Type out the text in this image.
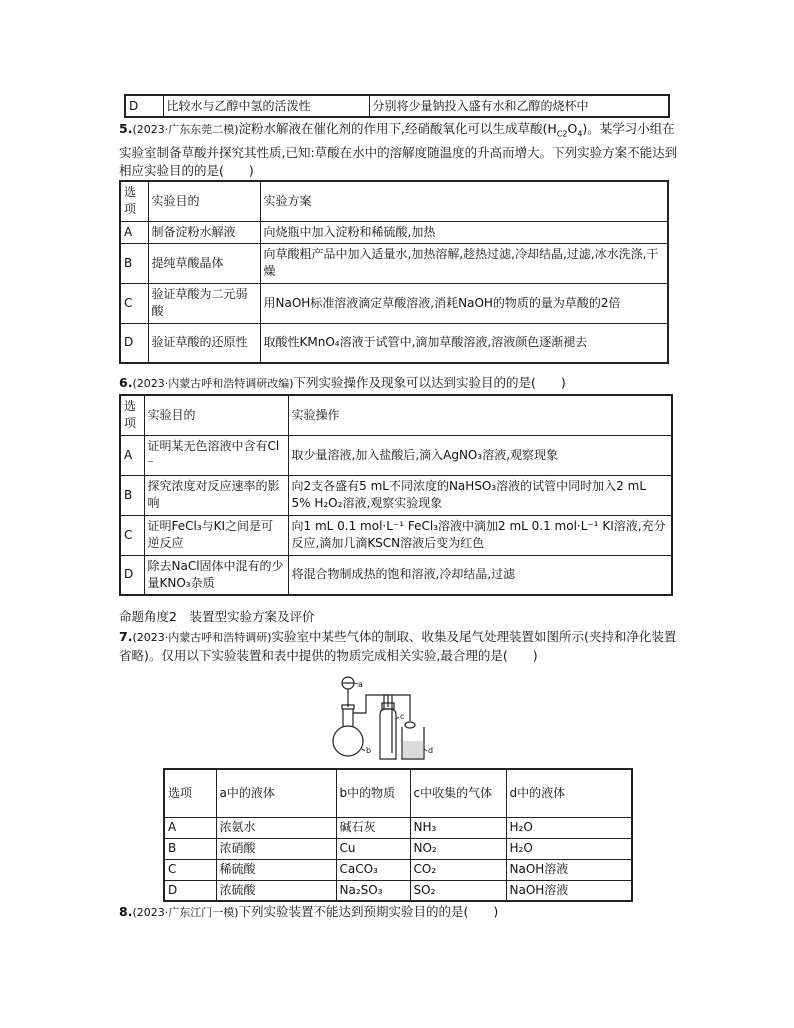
D	比较水与乙醇中氢的活泼性	分别将少量钠投入盛有水和乙醇的烧杯中
5.(2023·广东东莞二模)淀粉水解液在催化剂的作用下,经硝酸氧化可以生成草酸$(H_{C2}O_4)$。某学习小组在实验室制备草酸并探究其性质,已知:草酸在水中的溶解度随温度的升高而增大。下列实验方案不能达到相应实验目的的是(　　)
选项	实验目的	实验方案
A	制备淀粉水解液	向烧瓶中加入淀粉和稀硫酸,加热
B	提纯草酸晶体	向草酸粗产品中加入适量水,加热溶解,趁热过滤,冷却结晶,过滤,冰水洗涤,干燥
C	验证草酸为二元弱酸	用NaOH标准溶液滴定草酸溶液,消耗NaOH的物质的量为草酸的2倍
D	验证草酸的还原性	取酸性KMnO₄溶液于试管中,滴加草酸溶液,溶液颜色逐渐褪去
6.(2023·内蒙古呼和浩特调研改编)下列实验操作及现象可以达到实验目的的是(　　)
选项	实验目的	实验操作
A	证明某无色溶液中含有Cl⁻	取少量溶液,加入盐酸后,滴入AgNO₃溶液,观察现象
B	探究浓度对反应速率的影响	向2支各盛有5 mL不同浓度的NaHSO₃溶液的试管中同时加入2 mL 5% H₂O₂溶液,观察实验现象
C	证明FeCl₃与KI之间是可逆反应	向1 mL 0.1 mol·L⁻¹ FeCl₃溶液中滴加2 mL 0.1 mol·L⁻¹ KI溶液,充分反应,滴加几滴KSCN溶液后变为红色
D	除去NaCl固体中混有的少量KNO₃杂质	将混合物制成热的饱和溶液,冷却结晶,过滤
命题角度2　装置型实验方案及评价
7.(2023·内蒙古呼和浩特调研)实验室中某些气体的制取、收集及尾气处理装置如图所示(夹持和净化装置省略)。仅用以下实验装置和表中提供的物质完成相关实验,最合理的是(　　)
a
b
c
d
选项	a中的液体	b中的物质	c中收集的气体	d中的液体
A	浓氨水	碱石灰	NH₃	H₂O
B	浓硝酸	Cu	NO₂	H₂O
C	稀硫酸	CaCO₃	CO₂	NaOH溶液
D	浓硫酸	Na₂SO₃	SO₂	NaOH溶液
8.(2023·广东江门一模)下列实验装置不能达到预期实验目的的是(　　)
